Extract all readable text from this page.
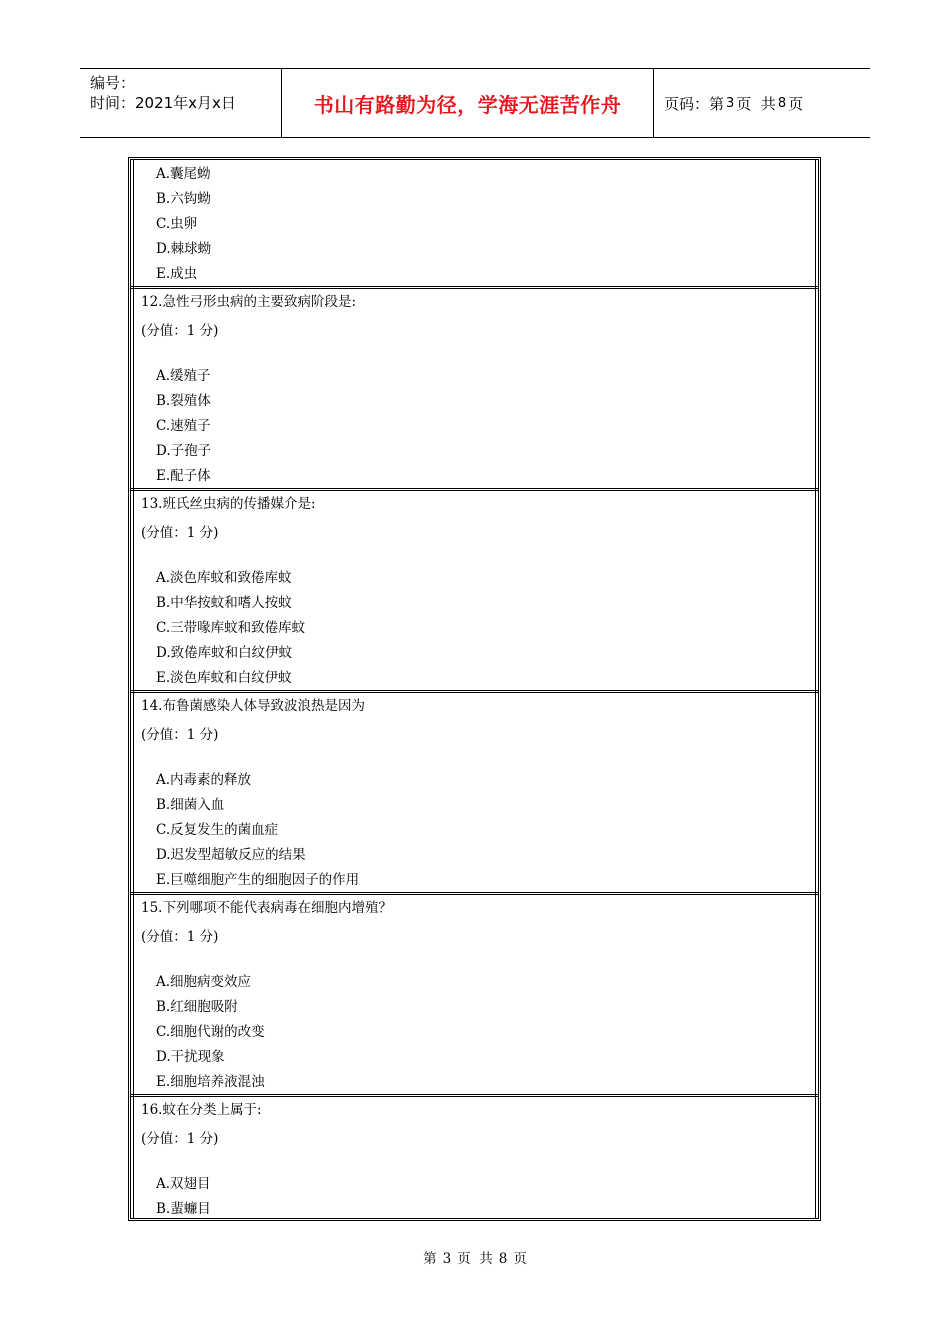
编号：
时间：2021年x月x日	书山有路勤为径，学海无涯苦作舟	页码：第 3 页  共 8 页
A.囊尾蚴
B.六钩蚴
C.虫卵
D.棘球蚴
E.成虫
12.急性弓形虫病的主要致病阶段是:
(分值：1 分)
A.缓殖子
B.裂殖体
C.速殖子
D.子孢子
E.配子体
13.班氏丝虫病的传播媒介是:
(分值：1 分)
A.淡色库蚊和致倦库蚊
B.中华按蚊和嗜人按蚊
C.三带喙库蚊和致倦库蚊
D.致倦库蚊和白纹伊蚊
E.淡色库蚊和白纹伊蚊
14.布鲁菌感染人体导致波浪热是因为
(分值：1 分)
A.内毒素的释放
B.细菌入血
C.反复发生的菌血症
D.迟发型超敏反应的结果
E.巨噬细胞产生的细胞因子的作用
15.下列哪项不能代表病毒在细胞内增殖？
(分值：1 分)
A.细胞病变效应
B.红细胞吸附
C.细胞代谢的改变
D.干扰现象
E.细胞培养液混浊
16.蚊在分类上属于:
(分值：1 分)
A.双翅目
B.蜚蠊目
第 3 页  共 8 页
